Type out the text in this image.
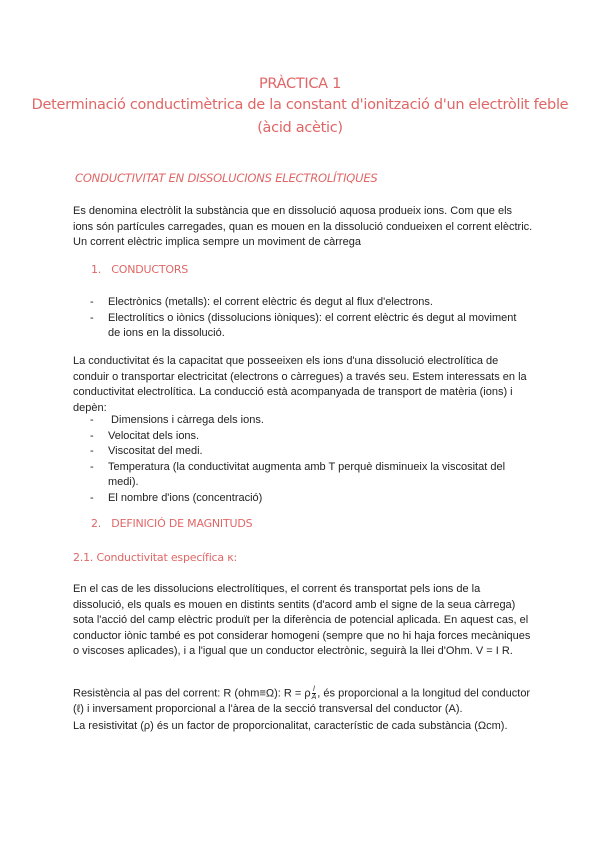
PRÀCTICA 1
Determinació conductimètrica de la constant d'ionització d'un electròlit feble
(àcid acètic)
CONDUCTIVITAT EN DISSOLUCIONS ELECTROLÍTIQUES

Es denomina electròlit la substància que en dissolució aquosa produeix ions. Com que els ions són partícules carregades, quan es mouen en la dissolució condueixen el corrent elèctric. Un corrent elèctric implica sempre un moviment de càrrega

1. CONDUCTORS
- Electrònics (metalls): el corrent elèctric és degut al flux d'electrons.
- Electrolítics o iònics (dissolucions iòniques): el corrent elèctric és degut al moviment de ions en la dissolució.

La conductivitat és la capacitat que posseeixen els ions d'una dissolució electrolítica de conduir o transportar electricitat (electrons o càrregues) a través seu. Estem interessats en la conductivitat electrolítica. La conducció està acompanyada de transport de matèria (ions) i depèn:

- Dimensions i càrrega dels ions.
- Velocitat dels ions.
- Viscositat del medi.
- Temperatura (la conductivitat augmenta amb T perquè disminueix la viscositat del medi).
- El nombre d'ions (concentració)
2. DEFINICIÓ DE MAGNITUDS
2.1. Conductivitat específica κ:

En el cas de les dissolucions electrolítiques, el corrent és transportat pels ions de la dissolució, els quals es mouen en distints sentits (d'acord amb el signe de la seua càrrega) sota l'acció del camp elèctric produït per la diferència de potencial aplicada. En aquest cas, el conductor iònic també es pot considerar homogeni (sempre que no hi haja forces mecàniques o viscoses aplicades), i a l'igual que un conductor electrònic, seguirà la llei d'Ohm. V = I R.

Resistència al pas del corrent: R (ohm≡Ω): R = ρ $\frac{l}{A}$ , és proporcional a la longitud del conductor (ℓ) i inversament proporcional a l'àrea de la secció transversal del conductor (A).

La resistivitat (ρ) és un factor de proporcionalitat, característic de cada substància (Ωcm).
